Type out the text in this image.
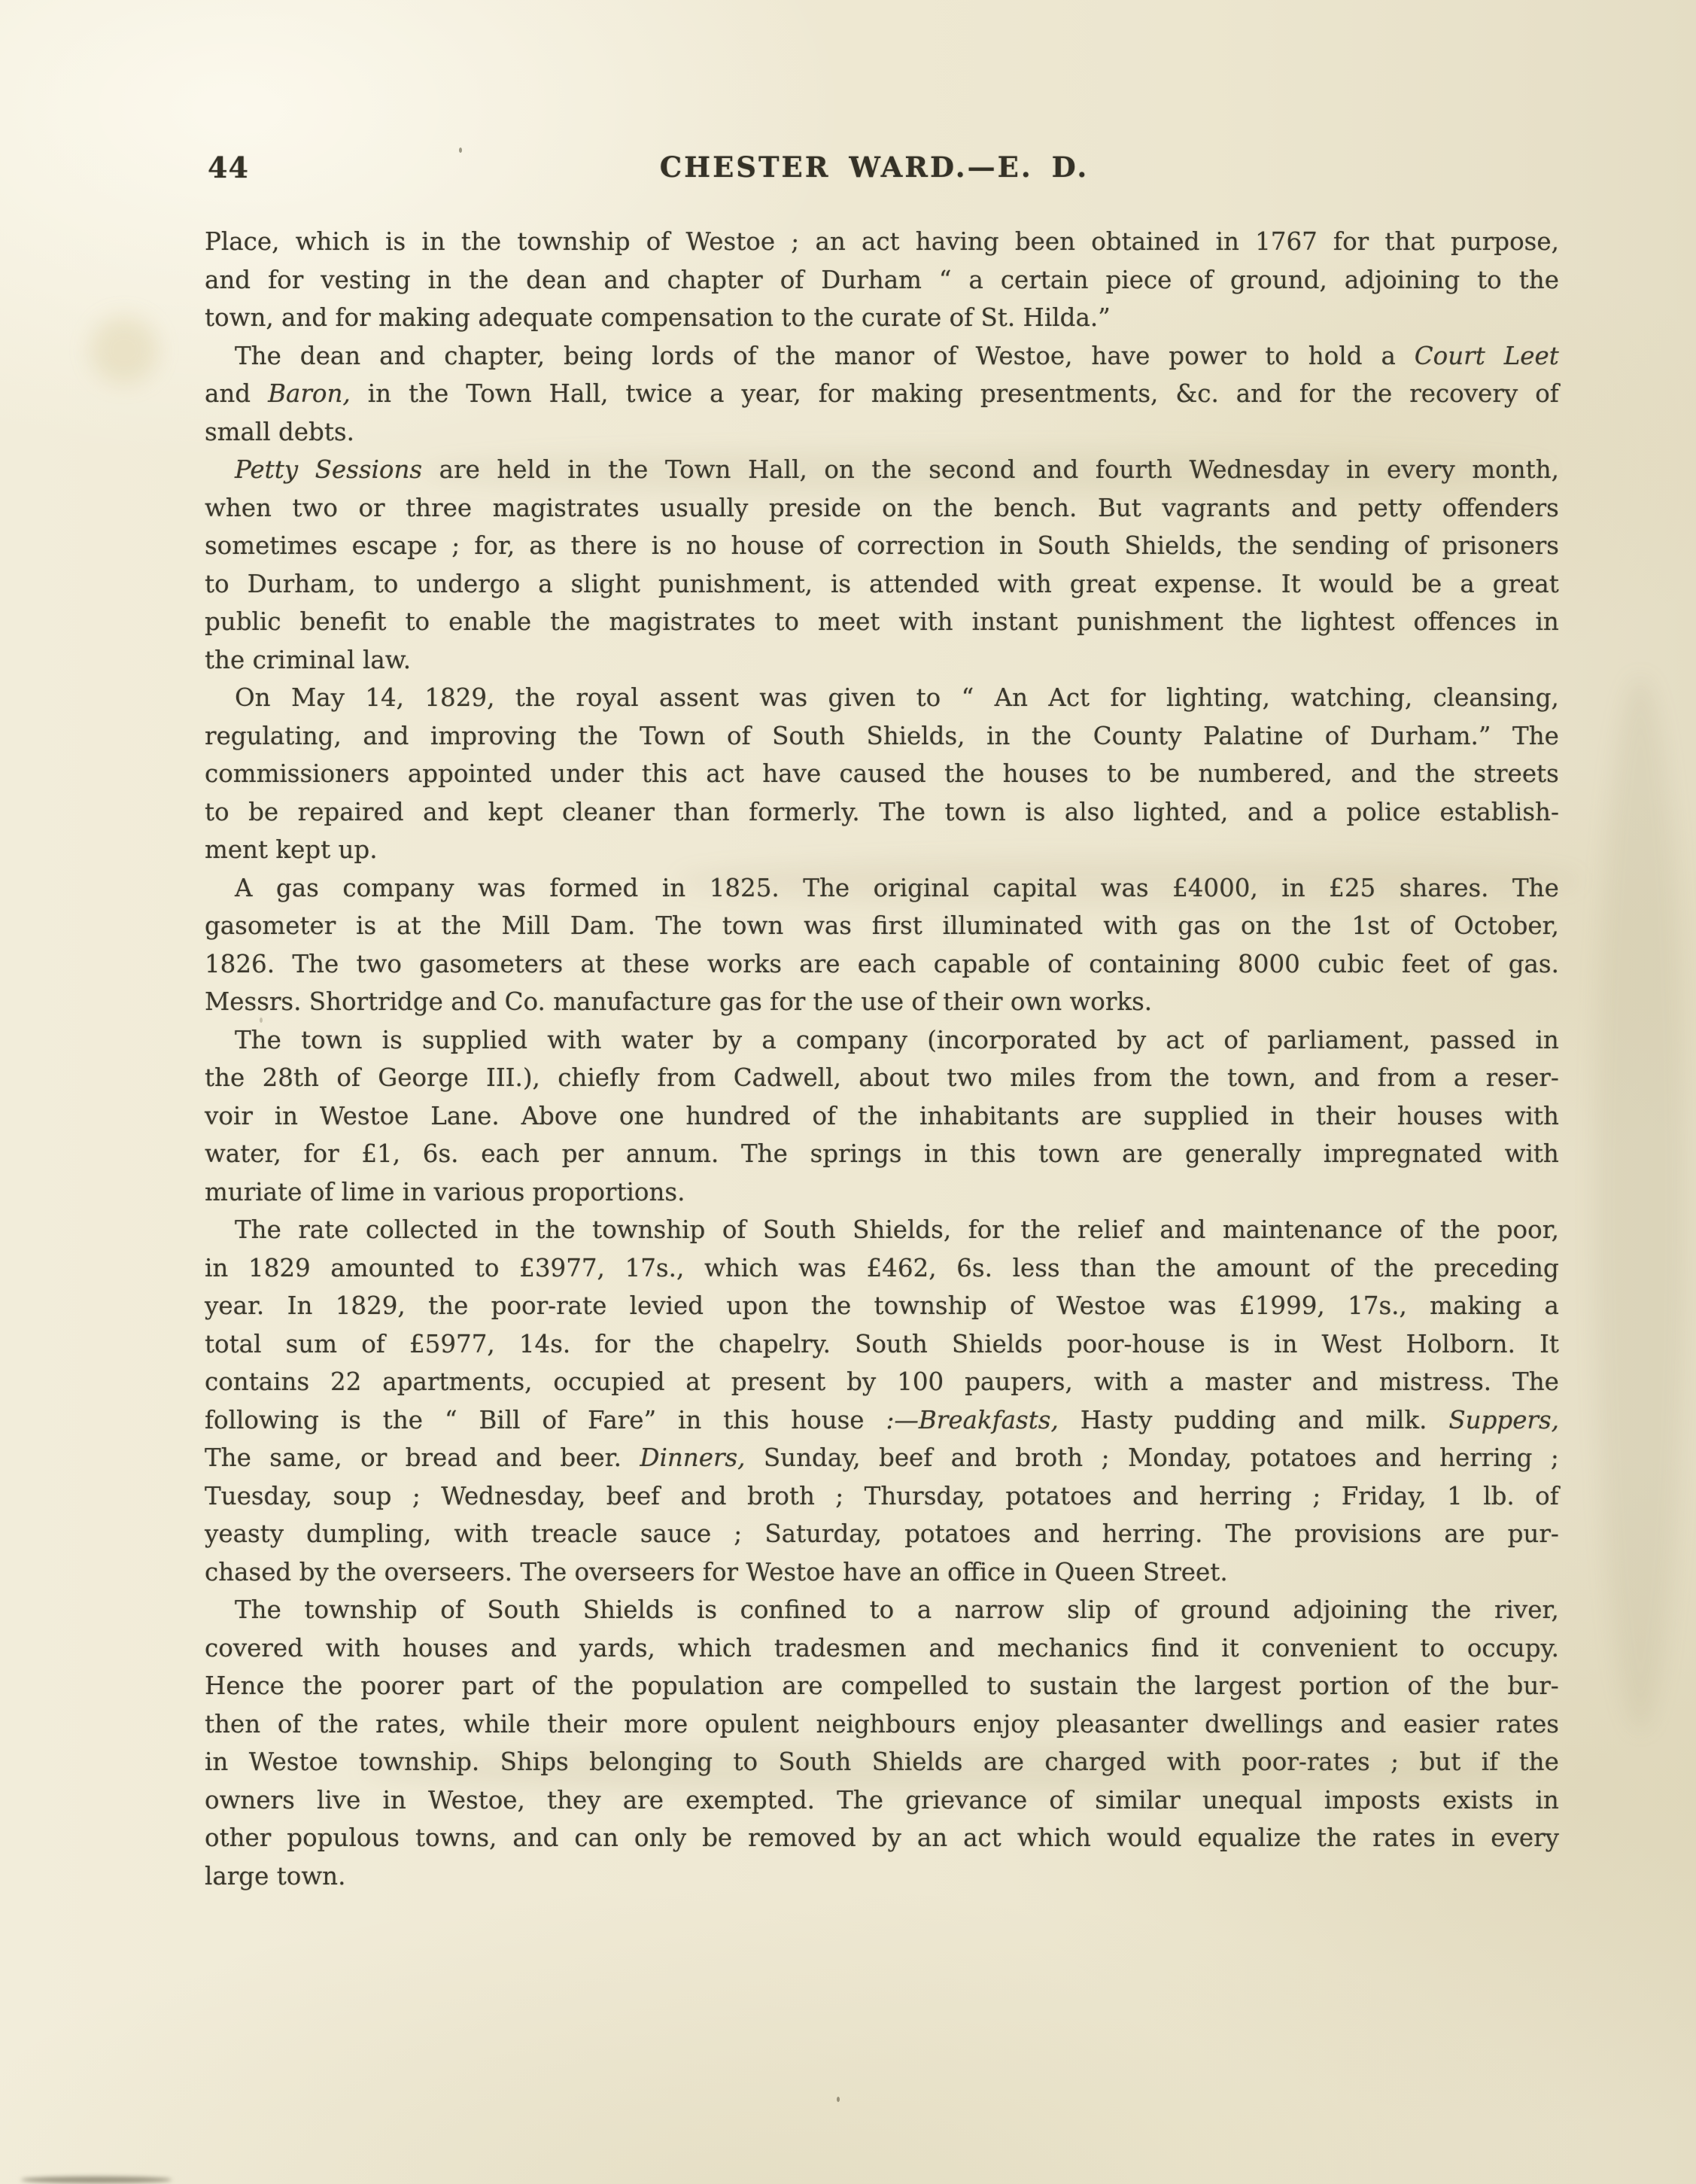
44	CHESTER WARD.—E. D.
Place, which is in the township of Westoe ; an act having been obtained in 1767 for that purpose,
and for vesting in the dean and chapter of Durham “ a certain piece of ground, adjoining to the
town, and for making adequate compensation to the curate of St. Hilda.”
The dean and chapter, being lords of the manor of Westoe, have power to hold a Court Leet
and Baron, in the Town Hall, twice a year, for making presentments, &c. and for the recovery of
small debts.
Petty Sessions are held in the Town Hall, on the second and fourth Wednesday in every month,
when two or three magistrates usually preside on the bench. But vagrants and petty offenders
sometimes escape ; for, as there is no house of correction in South Shields, the sending of prisoners
to Durham, to undergo a slight punishment, is attended with great expense. It would be a great
public benefit to enable the magistrates to meet with instant punishment the lightest offences in
the criminal law.
On May 14, 1829, the royal assent was given to “ An Act for lighting, watching, cleansing,
regulating, and improving the Town of South Shields, in the County Palatine of Durham.” The
commissioners appointed under this act have caused the houses to be numbered, and the streets
to be repaired and kept cleaner than formerly. The town is also lighted, and a police establish-
ment kept up.
A gas company was formed in 1825. The original capital was £4000, in £25 shares. The
gasometer is at the Mill Dam. The town was first illuminated with gas on the 1st of October,
1826. The two gasometers at these works are each capable of containing 8000 cubic feet of gas.
Messrs. Shortridge and Co. manufacture gas for the use of their own works.
The town is supplied with water by a company (incorporated by act of parliament, passed in
the 28th of George III.), chiefly from Cadwell, about two miles from the town, and from a reser-
voir in Westoe Lane. Above one hundred of the inhabitants are supplied in their houses with
water, for £1, 6s. each per annum. The springs in this town are generally impregnated with
muriate of lime in various proportions.
The rate collected in the township of South Shields, for the relief and maintenance of the poor,
in 1829 amounted to £3977, 17s., which was £462, 6s. less than the amount of the preceding
year. In 1829, the poor-rate levied upon the township of Westoe was £1999, 17s., making a
total sum of £5977, 14s. for the chapelry. South Shields poor-house is in West Holborn. It
contains 22 apartments, occupied at present by 100 paupers, with a master and mistress. The
following is the “ Bill of Fare” in this house :—Breakfasts, Hasty pudding and milk. Suppers,
The same, or bread and beer. Dinners, Sunday, beef and broth ; Monday, potatoes and herring ;
Tuesday, soup ; Wednesday, beef and broth ; Thursday, potatoes and herring ; Friday, 1 lb. of
yeasty dumpling, with treacle sauce ; Saturday, potatoes and herring. The provisions are pur-
chased by the overseers. The overseers for Westoe have an office in Queen Street.
The township of South Shields is confined to a narrow slip of ground adjoining the river,
covered with houses and yards, which tradesmen and mechanics find it convenient to occupy.
Hence the poorer part of the population are compelled to sustain the largest portion of the bur-
then of the rates, while their more opulent neighbours enjoy pleasanter dwellings and easier rates
in Westoe township. Ships belonging to South Shields are charged with poor-rates ; but if the
owners live in Westoe, they are exempted. The grievance of similar unequal imposts exists in
other populous towns, and can only be removed by an act which would equalize the rates in every
large town.
